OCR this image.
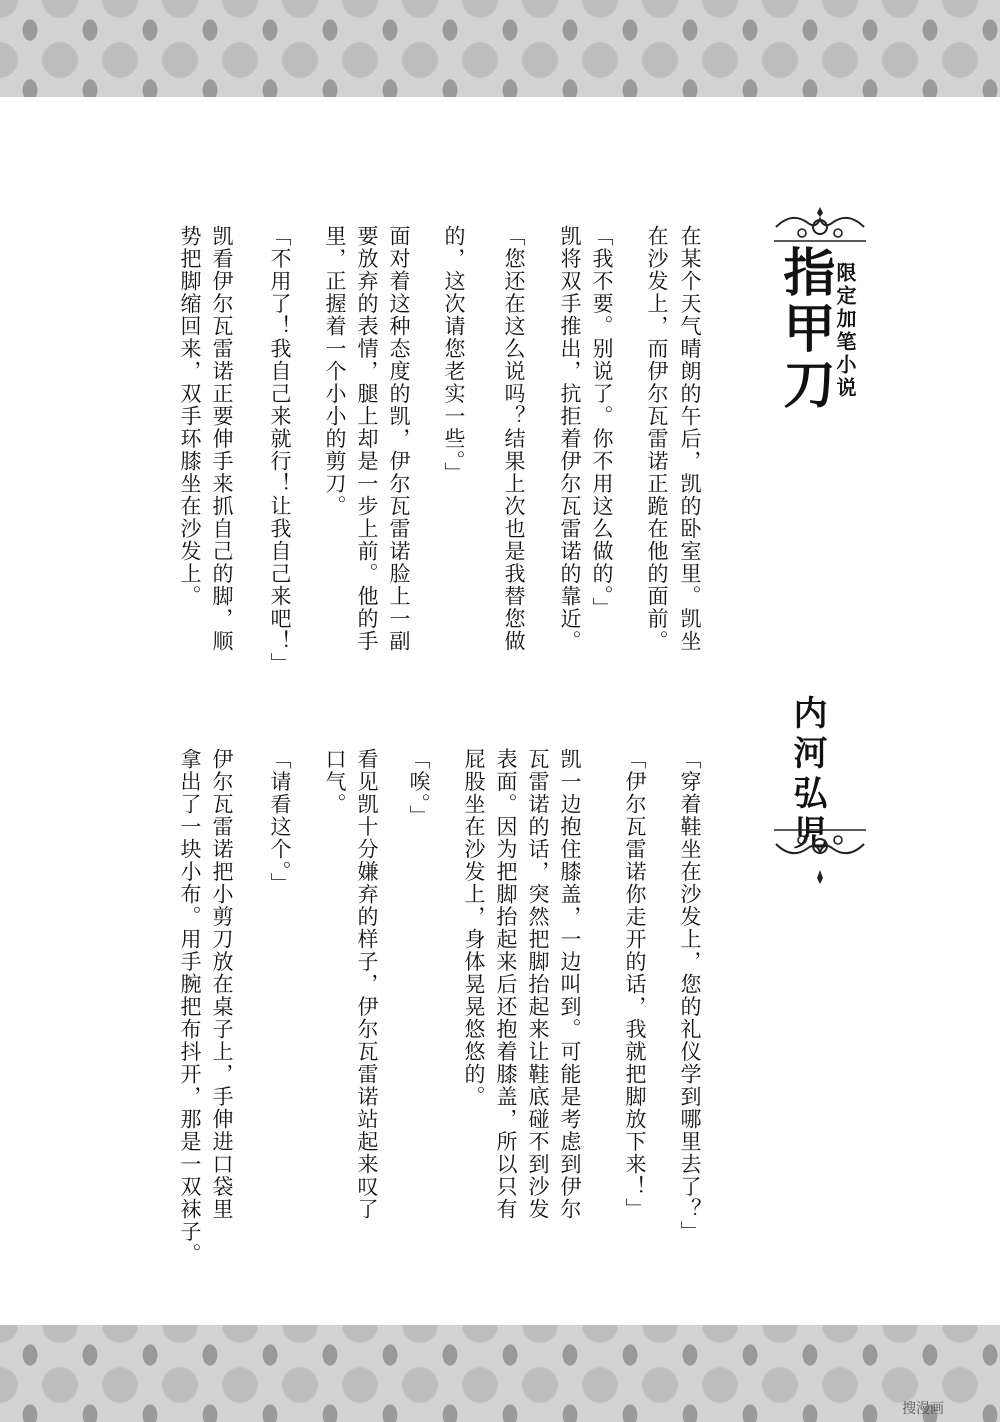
指甲刀 限定加笔小说
内河弘児
在某个天气晴朗的午后，凯的卧室里。凯坐
在沙发上，而伊尔瓦雷诺正跪在他的面前。
「我不要。别说了。你不用这么做的。」
凯将双手推出，抗拒着伊尔瓦雷诺的靠近。
「您还在这么说吗？结果上次也是我替您做
的，这次请您老实一些。」
面对着这种态度的凯，伊尔瓦雷诺脸上一副
要放弃的表情，腿上却是一步上前。他的手
里，正握着一个小小的剪刀。
「不用了！我自己来就行！让我自己来吧！」
凯看伊尔瓦雷诺正要伸手来抓自己的脚，顺
势把脚缩回来，双手环膝坐在沙发上。
「穿着鞋坐在沙发上，您的礼仪学到哪里去了？」
「伊尔瓦雷诺你走开的话，我就把脚放下来！」
凯一边抱住膝盖，一边叫到。可能是考虑到伊尔
瓦雷诺的话，突然把脚抬起来让鞋底碰不到沙发
表面。因为把脚抬起来后还抱着膝盖，所以只有
屁股坐在沙发上，身体晃晃悠悠的。
「唉。」
看见凯十分嫌弃的样子，伊尔瓦雷诺站起来叹了
口气。
「请看这个。」
伊尔瓦雷诺把小剪刀放在桌子上，手伸进口袋里
拿出了一块小布。用手腕把布抖开，那是一双袜子。
搜漫画
